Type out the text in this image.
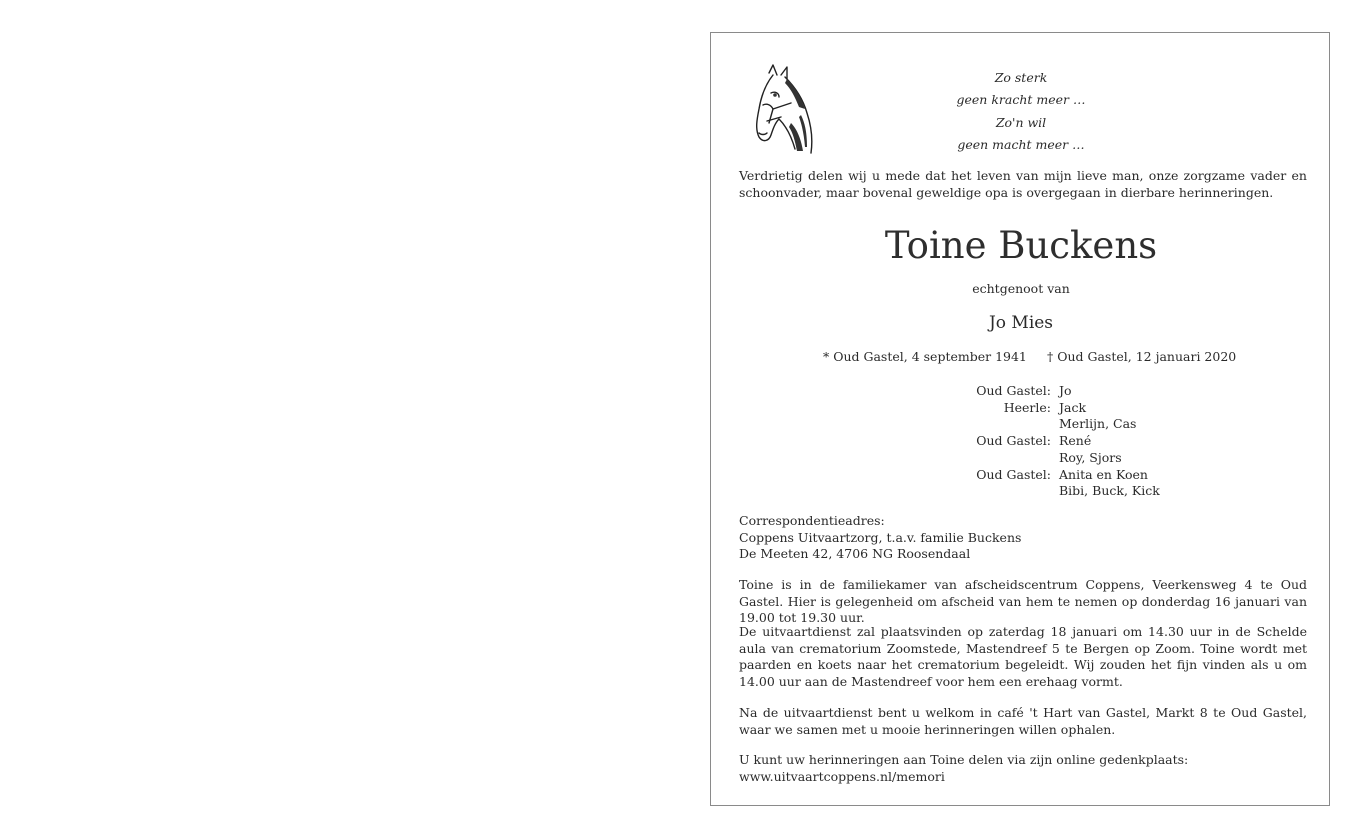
Zo sterk
geen kracht meer …
Zo'n wil
geen macht meer …
Verdrietig delen wij u mede dat het leven van mijn lieve man, onze zorgzame vader en schoonvader, maar bovenal geweldige opa is overgegaan in dierbare herinneringen.
Toine Buckens
echtgenoot van
Jo Mies
* Oud Gastel, 4 september 1941 † Oud Gastel, 12 januari 2020
Oud Gastel: Jo
Heerle: Jack
Merlijn, Cas
Oud Gastel: René
Roy, Sjors
Oud Gastel: Anita en Koen
Bibi, Buck, Kick
Correspondentieadres:
Coppens Uitvaartzorg, t.a.v. familie Buckens
De Meeten 42, 4706 NG Roosendaal

Toine is in de familiekamer van afscheidscentrum Coppens, Veerkensweg 4 te Oud Gastel. Hier is gelegenheid om afscheid van hem te nemen op donderdag 16 januari van 19.00 tot 19.30 uur.

De uitvaartdienst zal plaatsvinden op zaterdag 18 januari om 14.30 uur in de Schelde aula van crematorium Zoomstede, Mastendreef 5 te Bergen op Zoom. Toine wordt met paarden en koets naar het crematorium begeleidt. Wij zouden het fijn vinden als u om 14.00 uur aan de Mastendreef voor hem een erehaag vormt.

Na de uitvaartdienst bent u welkom in café 't Hart van Gastel, Markt 8 te Oud Gastel, waar we samen met u mooie herinneringen willen ophalen.

U kunt uw herinneringen aan Toine delen via zijn online gedenkplaats:
www.uitvaartcoppens.nl/memori
